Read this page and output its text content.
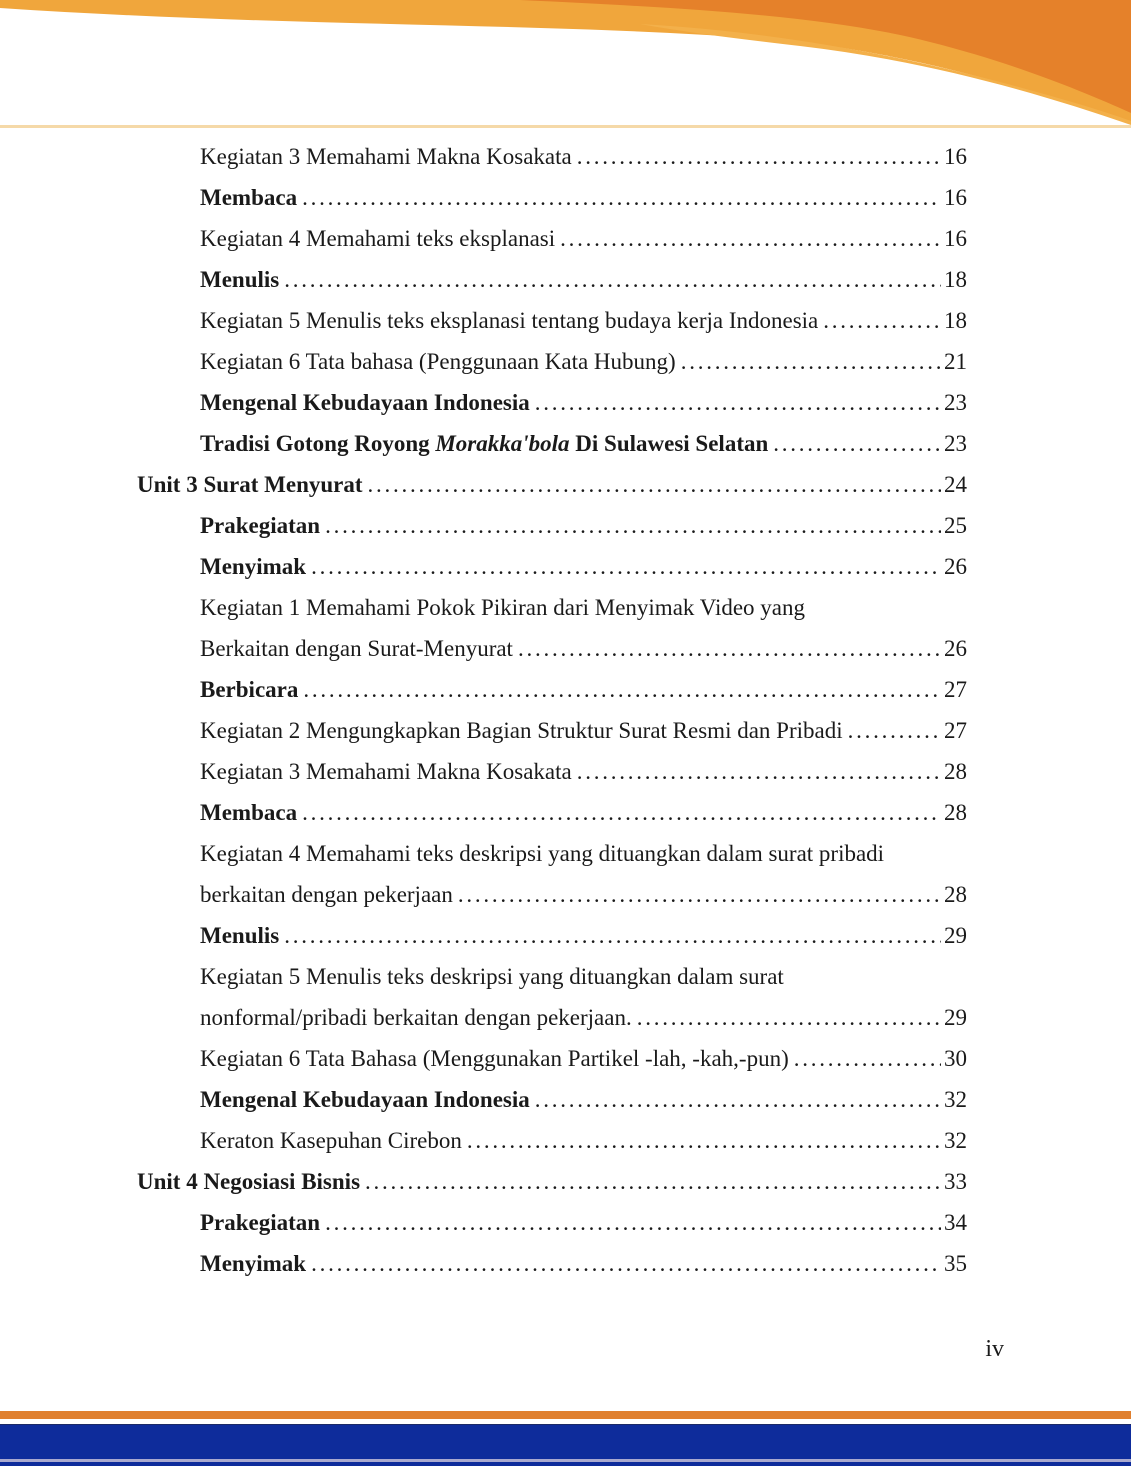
Kegiatan 3 Memahami Makna Kosakata . . .	16
Membaca . . .	16
Kegiatan 4 Memahami teks eksplanasi . . .	16
Menulis . . .	18
Kegiatan 5 Menulis teks eksplanasi tentang budaya kerja Indonesia . . .	18
Kegiatan 6 Tata bahasa (Penggunaan Kata Hubung) . . .	21
Mengenal Kebudayaan Indonesia . . .	23
Tradisi Gotong Royong Morakka'bola Di Sulawesi Selatan . . .	23
Unit 3 Surat Menyurat . . .	24
Prakegiatan . . .	25
Menyimak . . .	26
Kegiatan 1 Memahami Pokok Pikiran dari Menyimak Video yang
Berkaitan dengan Surat-Menyurat . . .	26
Berbicara . . .	27
Kegiatan 2 Mengungkapkan Bagian Struktur Surat Resmi dan Pribadi . . .	27
Kegiatan 3 Memahami Makna Kosakata . . .	28
Membaca . . .	28
Kegiatan 4 Memahami teks deskripsi yang dituangkan dalam surat pribadi
berkaitan dengan pekerjaan . . .	28
Menulis . . .	29
Kegiatan 5 Menulis teks deskripsi yang dituangkan dalam surat
nonformal/pribadi berkaitan dengan pekerjaan. . . .	29
Kegiatan 6 Tata Bahasa (Menggunakan Partikel -lah, -kah,-pun) . . .	30
Mengenal Kebudayaan Indonesia . . .	32
Keraton Kasepuhan Cirebon . . .	32
Unit 4 Negosiasi Bisnis . . .	33
Prakegiatan . . .	34
Menyimak . . .	35
iv
